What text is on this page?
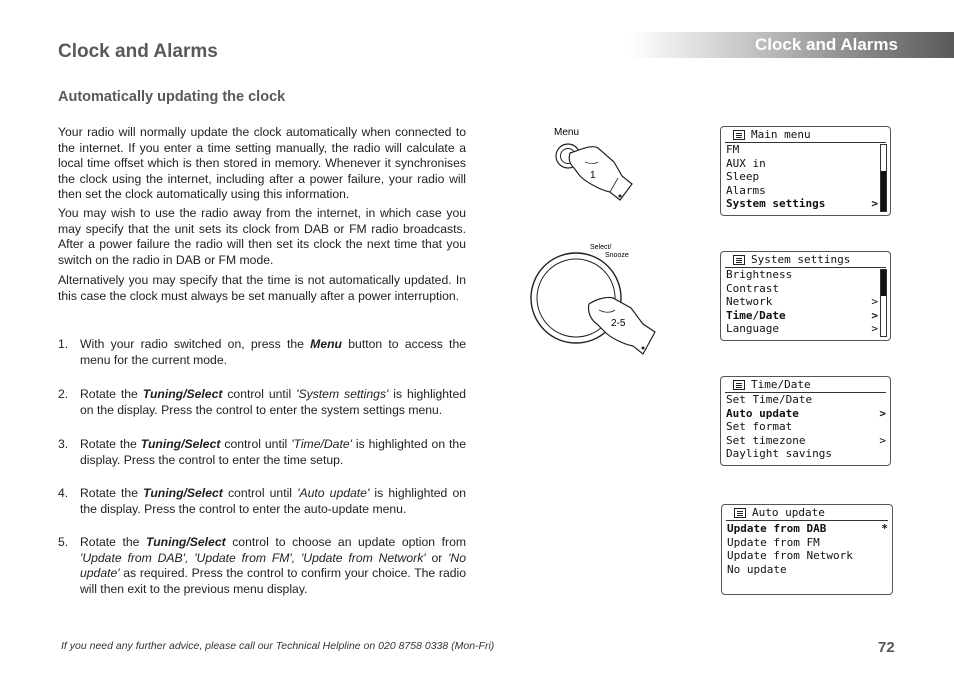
Clock and Alarms	Clock and Alarms
Automatically updating the clock

Your radio will normally update the clock automatically when connected to the internet. If you enter a time setting manually, the radio will calculate a local time offset which is then stored in memory. Whenever it synchronises the clock using the internet, including after a power failure, your radio will then set the clock automatically using this information.

You may wish to use the radio away from the internet, in which case you may specify that the unit sets its clock from DAB or FM radio broadcasts. After a power failure the radio will then set its clock the next time that you switch on the radio in DAB or FM mode.

Alternatively you may specify that the time is not automatically updated. In this case the clock must always be set manually after a power interruption.

1. With your radio switched on, press the Menu button to access the menu for the current mode.
2. Rotate the Tuning/Select control until 'System settings' is highlighted on the display. Press the control to enter the system settings menu.
3. Rotate the Tuning/Select control until 'Time/Date' is highlighted on the display. Press the control to enter the time setup.
4. Rotate the Tuning/Select control until 'Auto update' is highlighted on the display. Press the control to enter the auto-update menu.
5. Rotate the Tuning/Select control to choose an update option from 'Update from DAB', 'Update from FM', 'Update from Network' or 'No update' as required. Press the control to confirm your choice. The radio will then exit to the previous menu display.
Menu
1
Select/
Snooze
2-5
Main menu
FM
AUX in
Sleep
Alarms
System settings	>
System settings
Brightness
Contrast
Network	>
Time/Date	>
Language	>
Time/Date
Set Time/Date
Auto update	>
Set format
Set timezone	>
Daylight savings
Auto update
Update from DAB	*
Update from FM
Update from Network
No update
If you need any further advice, please call our Technical Helpline on 020 8758 0338 (Mon-Fri)	72
